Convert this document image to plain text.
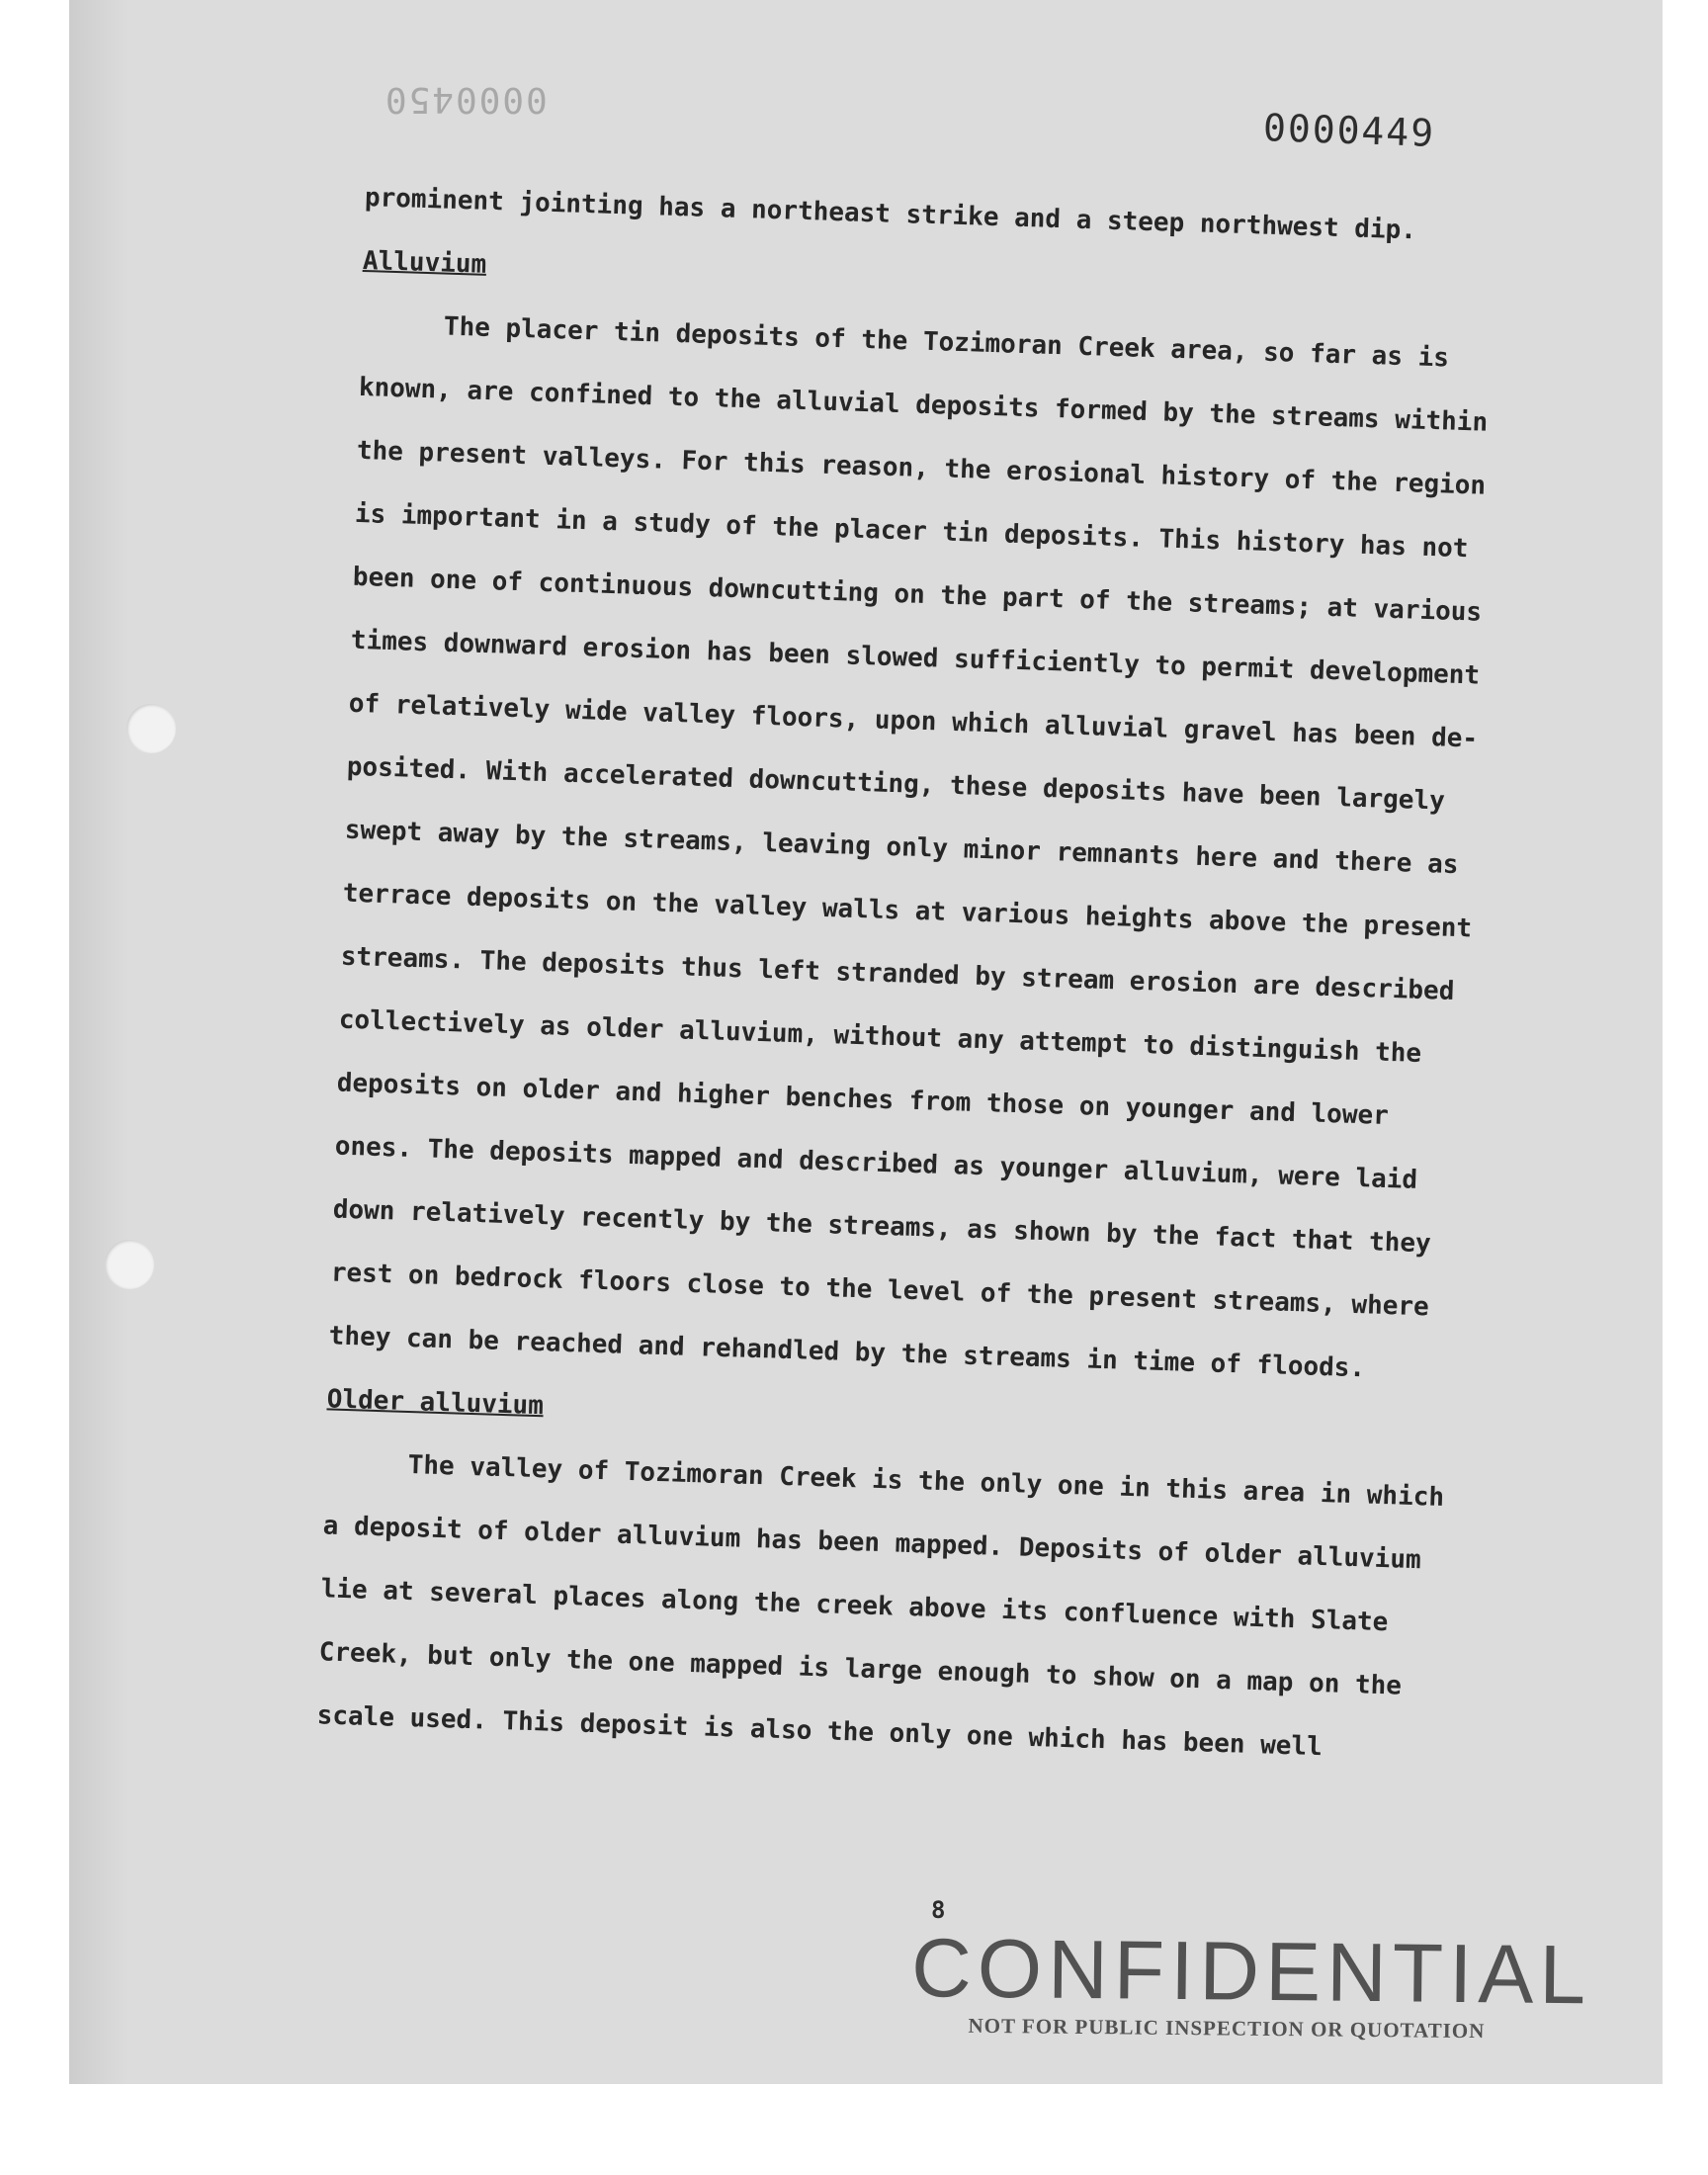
0000450
0000449
prominent jointing has a northeast strike and a steep northwest dip.
Alluvium
The placer tin deposits of the Tozimoran Creek area, so far as is
known, are confined to the alluvial deposits formed by the streams within
the present valleys. For this reason, the erosional history of the region
is important in a study of the placer tin deposits. This history has not
been one of continuous downcutting on the part of the streams; at various
times downward erosion has been slowed sufficiently to permit development
of relatively wide valley floors, upon which alluvial gravel has been de-
posited. With accelerated downcutting, these deposits have been largely
swept away by the streams, leaving only minor remnants here and there as
terrace deposits on the valley walls at various heights above the present
streams. The deposits thus left stranded by stream erosion are described
collectively as older alluvium, without any attempt to distinguish the
deposits on older and higher benches from those on younger and lower
ones. The deposits mapped and described as younger alluvium, were laid
down relatively recently by the streams, as shown by the fact that they
rest on bedrock floors close to the level of the present streams, where
they can be reached and rehandled by the streams in time of floods.
Older alluvium
The valley of Tozimoran Creek is the only one in this area in which
a deposit of older alluvium has been mapped. Deposits of older alluvium
lie at several places along the creek above its confluence with Slate
Creek, but only the one mapped is large enough to show on a map on the
scale used. This deposit is also the only one which has been well
8
CONFIDENTIAL
NOT FOR PUBLIC INSPECTION OR QUOTATION
